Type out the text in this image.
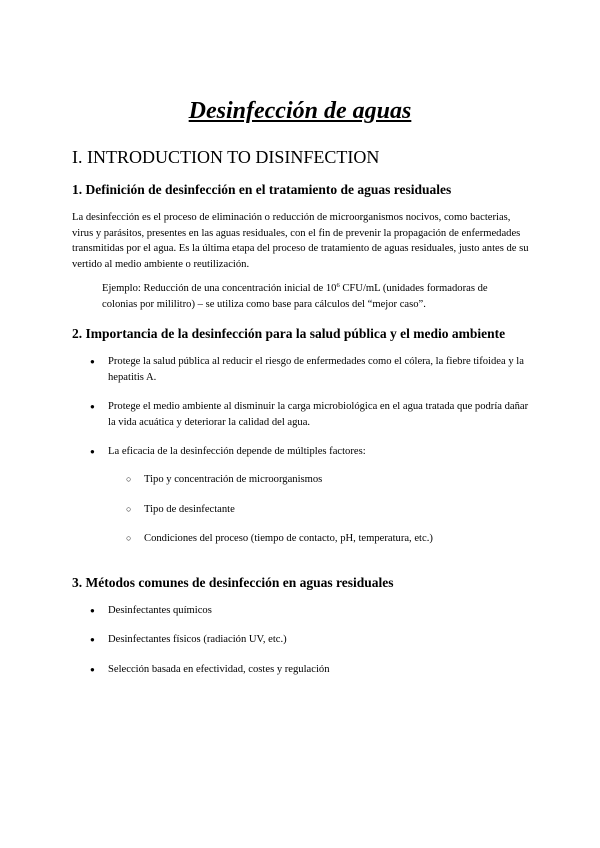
Desinfección de aguas
I. INTRODUCTION TO DISINFECTION
1. Definición de desinfección en el tratamiento de aguas residuales

La desinfección es el proceso de eliminación o reducción de microorganismos nocivos, como bacterias, virus y parásitos, presentes en las aguas residuales, con el fin de prevenir la propagación de enfermedades transmitidas por el agua. Es la última etapa del proceso de tratamiento de aguas residuales, justo antes de su vertido al medio ambiente o reutilización.

Ejemplo: Reducción de una concentración inicial de $10^6$ CFU/mL (unidades formadoras de colonias por mililitro) – se utiliza como base para cálculos del “mejor caso”.

2. Importancia de la desinfección para la salud pública y el medio ambiente
●	Protege la salud pública al reducir el riesgo de enfermedades como el cólera, la fiebre tifoidea y la hepatitis A.
●	Protege el medio ambiente al disminuir la carga microbiológica en el agua tratada que podría dañar la vida acuática y deteriorar la calidad del agua.
●	La eficacia de la desinfección depende de múltiples factores:
○	Tipo y concentración de microorganismos
○	Tipo de desinfectante
○	Condiciones del proceso (tiempo de contacto, pH, temperatura, etc.)
3. Métodos comunes de desinfección en aguas residuales
●	Desinfectantes químicos
●	Desinfectantes físicos (radiación UV, etc.)
●	Selección basada en efectividad, costes y regulación
